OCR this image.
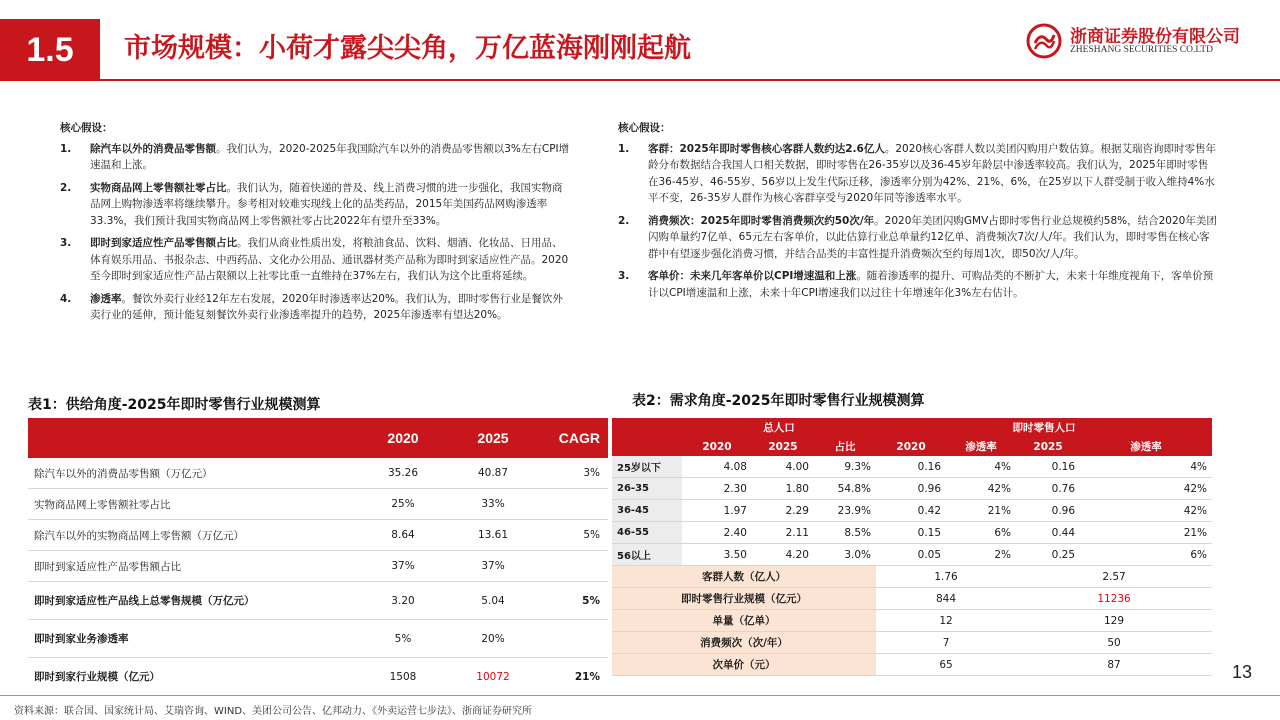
1.5	市场规模：小荷才露尖尖角，万亿蓝海刚刚起航	浙商证券股份有限公司
ZHESHANG SECURITIES CO.LTD
核心假设：
1. 除汽车以外的消费品零售额。我们认为，2020-2025年我国除汽车以外的消费品零售额以3%左右CPI增速温和上涨。
2. 实物商品网上零售额社零占比。我们认为，随着快递的普及、线上消费习惯的进一步强化，我国实物商品网上购物渗透率将继续攀升。参考相对较难实现线上化的品类药品，2015年美国药品网购渗透率33.3%，我们预计我国实物商品网上零售额社零占比2022年有望升至33%。
3. 即时到家适应性产品零售额占比。我们从商业性质出发，将粮油食品、饮料、烟酒、化妆品、日用品、体育娱乐用品、书报杂志、中西药品、文化办公用品、通讯器材类产品称为即时到家适应性产品。2020至今即时到家适应性产品占限额以上社零比重一直维持在37%左右，我们认为这个比重将延续。
4. 渗透率。餐饮外卖行业经12年左右发展，2020年时渗透率达20%。我们认为，即时零售行业是餐饮外卖行业的延伸，预计能复刻餐饮外卖行业渗透率提升的趋势，2025年渗透率有望达20%。
核心假设：
1. 客群：2025年即时零售核心客群人数约达2.6亿人。2020核心客群人数以美团闪购用户数估算。根据艾瑞咨询即时零售年龄分布数据结合我国人口相关数据，即时零售在26-35岁以及36-45岁年龄层中渗透率较高。我们认为，2025年即时零售在36-45岁、46-55岁、56岁以上发生代际迁移，渗透率分别为42%、21%、6%，在25岁以下人群受制于收入维持4%水平不变，26-35岁人群作为核心客群享受与2020年同等渗透率水平。
2. 消费频次：2025年即时零售消费频次约50次/年。2020年美团闪购GMV占即时零售行业总规模约58%，结合2020年美团闪购单量约7亿单、65元左右客单价，以此估算行业总单量约12亿单、消费频次7次/人/年。我们认为，即时零售在核心客群中有望逐步强化消费习惯，并结合品类的丰富性提升消费频次至约每周1次，即50次/人/年。
3. 客单价：未来几年客单价以CPI增速温和上涨。随着渗透率的提升、可购品类的不断扩大，未来十年维度视角下，客单价预计以CPI增速温和上涨，未来十年CPI增速我们以过往十年增速年化3%左右估计。
表1：供给角度-2025年即时零售行业规模测算
	2020	2025	CAGR
除汽车以外的消费品零售额（万亿元）	35.26	40.87	3%
实物商品网上零售额社零占比	25%	33%	
除汽车以外的实物商品网上零售额（万亿元）	8.64	13.61	5%
即时到家适应性产品零售额占比	37%	37%	
即时到家适应性产品线上总零售规模（万亿元）	3.20	5.04	5%
即时到家业务渗透率	5%	20%	
即时到家行业规模（亿元）	1508	10072	21%
表2：需求角度-2025年即时零售行业规模测算
	总人口			即时零售人口			
	2020	2025	占比	2020	渗透率	2025	渗透率
25岁以下	4.08	4.00	9.3%	0.16	4%	0.16	4%
26-35	2.30	1.80	54.8%	0.96	42%	0.76	42%
36-45	1.97	2.29	23.9%	0.42	21%	0.96	42%
46-55	2.40	2.11	8.5%	0.15	6%	0.44	21%
56以上	3.50	4.20	3.0%	0.05	2%	0.25	6%
客群人数（亿人）				1.76		2.57	
即时零售行业规模（亿元）				844		11236	
单量（亿单）				12		129	
消费频次（次/年）				7		50	
次单价（元）				65		87		13
资料来源：联合国、国家统计局、艾瑞咨询、WIND、美团公司公告、亿邦动力、《外卖运营七步法》、浙商证券研究所
